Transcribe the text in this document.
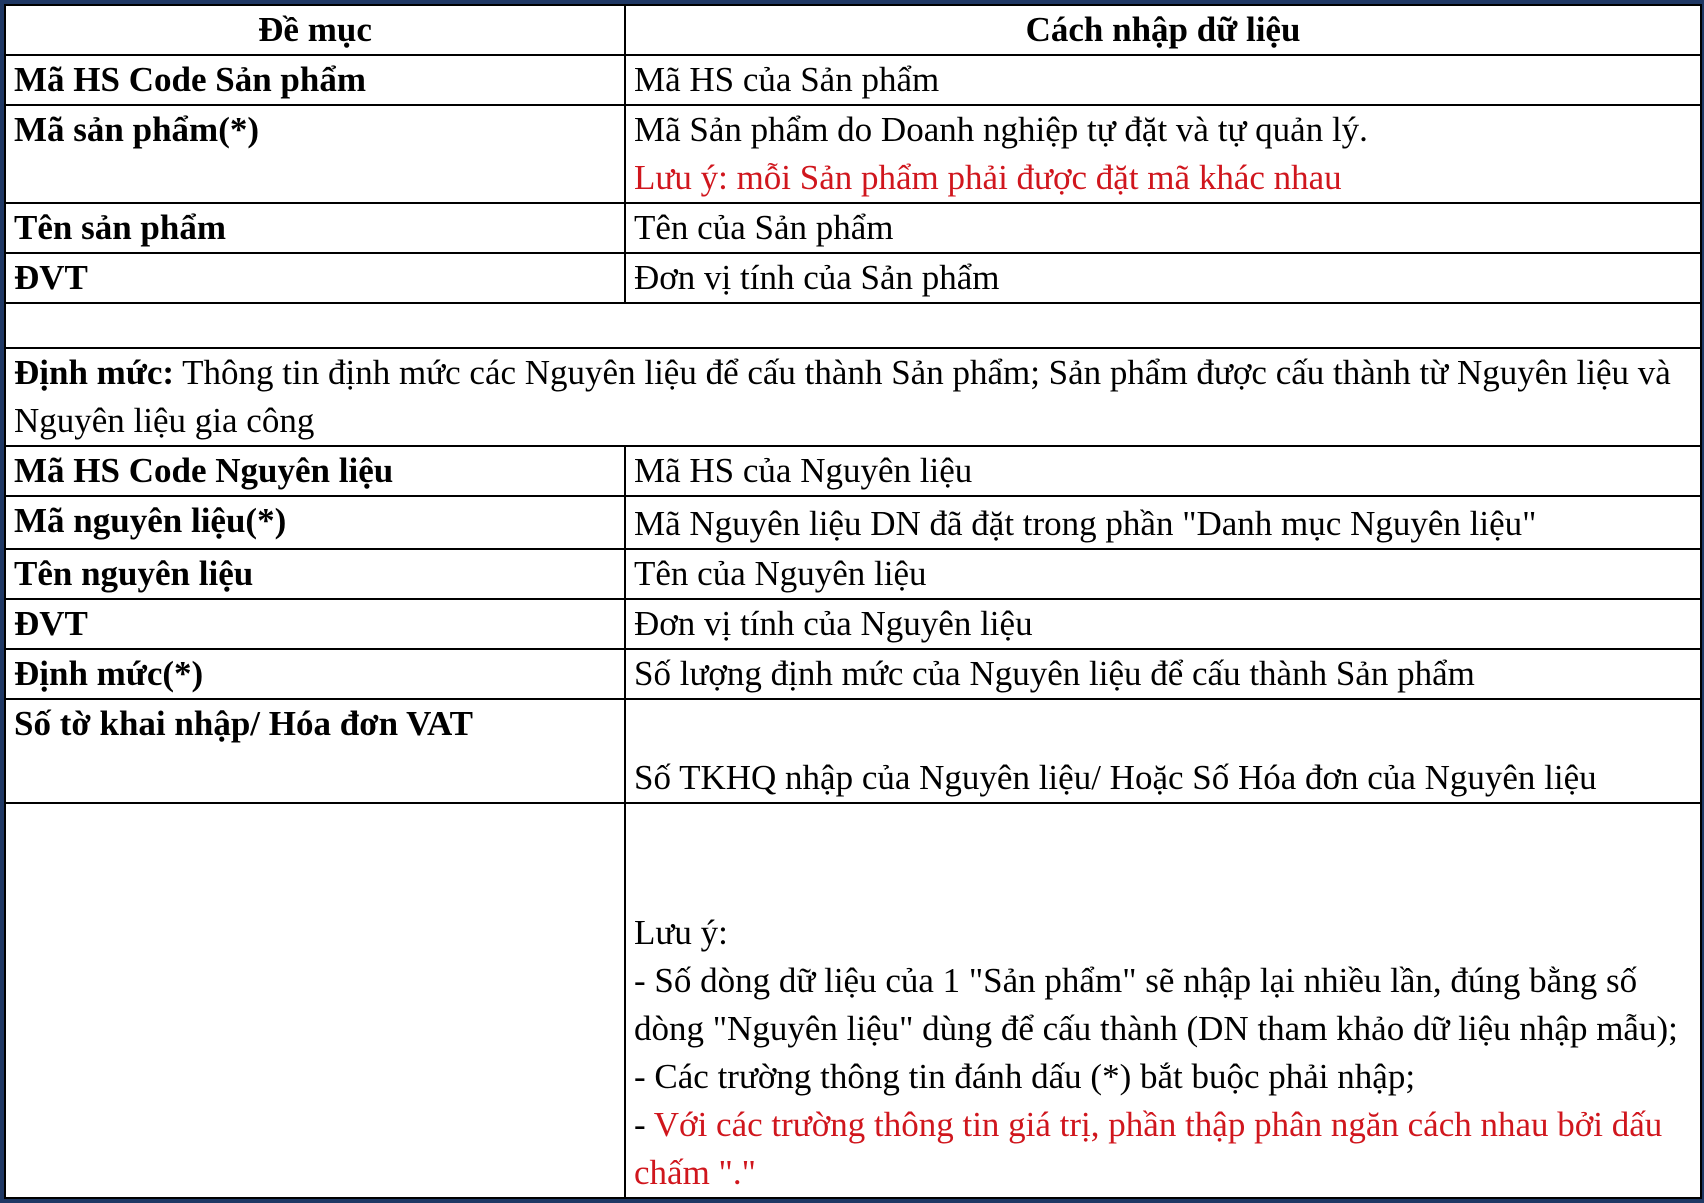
Đề mục	Cách nhập dữ liệu
Mã HS Code Sản phẩm	Mã HS của Sản phẩm
Mã sản phẩm(*)	Mã Sản phẩm do Doanh nghiệp tự đặt và tự quản lý.
Lưu ý: mỗi Sản phẩm phải được đặt mã khác nhau

Tên sản phẩm	Tên của Sản phẩm
ĐVT	Đơn vị tính của Sản phẩm

Định mức: Thông tin định mức các Nguyên liệu để cấu thành Sản phẩm; Sản phẩm được cấu thành từ Nguyên liệu và Nguyên liệu gia công	
Mã HS Code Nguyên liệu	Mã HS của Nguyên liệu
Mã nguyên liệu(*)	Mã Nguyên liệu DN đã đặt trong phần "Danh mục Nguyên liệu"
Tên nguyên liệu	Tên của Nguyên liệu
ĐVT	Đơn vị tính của Nguyên liệu
Định mức(*)	Số lượng định mức của Nguyên liệu để cấu thành Sản phẩm
Số tờ khai nhập/ Hóa đơn VAT	Số TKHQ nhập của Nguyên liệu/ Hoặc Số Hóa đơn của Nguyên liệu

	Lưu ý:
- Số dòng dữ liệu của 1 "Sản phẩm" sẽ nhập lại nhiều lần, đúng bằng số dòng "Nguyên liệu" dùng để cấu thành (DN tham khảo dữ liệu nhập mẫu);
- Các trường thông tin đánh dấu (*) bắt buộc phải nhập;
- Với các trường thông tin giá trị, phần thập phân ngăn cách nhau bởi dấu chấm "."
